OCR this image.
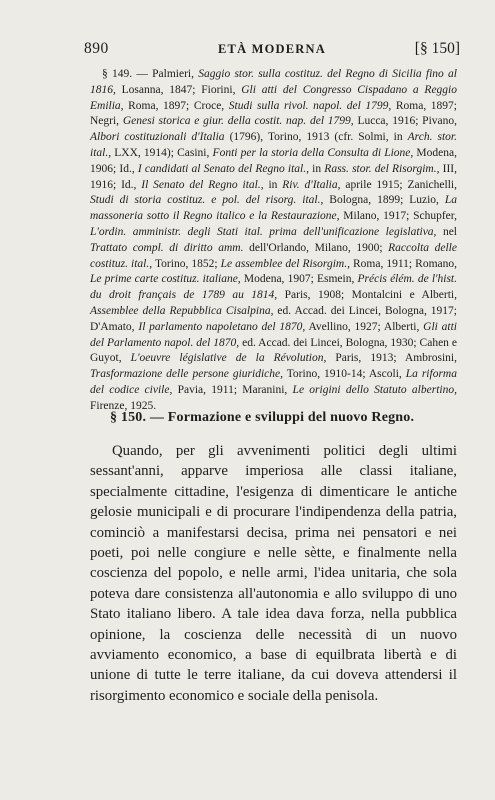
890	ETÀ MODERNA	[§ 150]
§ 149. — Palmieri, Saggio stor. sulla costituz. del Regno di Sicilia fino al 1816, Losanna, 1847; Fiorini, Gli atti del Congresso Cispadano a Reggio Emilia, Roma, 1897; Croce, Studi sulla rivol. napol. del 1799, Roma, 1897; Negri, Genesi storica e giur. della costit. nap. del 1799, Lucca, 1916; Pivano, Albori costituzionali d'Italia (1796), Torino, 1913 (cfr. Solmi, in Arch. stor. ital., LXX, 1914); Casini, Fonti per la storia della Consulta di Lione, Modena, 1906; Id., I candidati al Senato del Regno ital., in Rass. stor. del Risorgim., III, 1916; Id., Il Senato del Regno ital., in Riv. d'Italia, aprile 1915; Zanichelli, Studi di storia costituz. e pol. del risorg. ital., Bologna, 1899; Luzio, La massoneria sotto il Regno italico e la Restaurazione, Milano, 1917; Schupfer, L'ordin. amministr. degli Stati ital. prima dell'unificazione legislativa, nel Trattato compl. di diritto amm. dell'Orlando, Milano, 1900; Raccolta delle costituz. ital., Torino, 1852; Le assemblee del Risorgim., Roma, 1911; Romano, Le prime carte costituz. italiane, Modena, 1907; Esmein, Précis élém. de l'hist. du droit français de 1789 au 1814, Paris, 1908; Montalcini e Alberti, Assemblee della Repubblica Cisalpina, ed. Accad. dei Lincei, Bologna, 1917; D'Amato, Il parlamento napoletano del 1870, Avellino, 1927; Alberti, Gli atti del Parlamento napol. del 1870, ed. Accad. dei Lincei, Bologna, 1930; Cahen e Guyot, L'oeuvre législative de la Révolution, Paris, 1913; Ambrosini, Trasformazione delle persone giuridiche, Torino, 1910-14; Ascoli, La riforma del codice civile, Pavia, 1911; Maranini, Le origini dello Statuto albertino, Firenze, 1925.
§ 150. — Formazione e sviluppi del nuovo Regno.
Quando, per gli avvenimenti politici degli ultimi sessant'anni, apparve imperiosa alle classi italiane, specialmente cittadine, l'esigenza di dimenticare le antiche gelosie municipali e di procurare l'indipendenza della patria, cominciò a manifestarsi decisa, prima nei pensatori e nei poeti, poi nelle congiure e nelle sètte, e finalmente nella coscienza del popolo, e nelle armi, l'idea unitaria, che sola poteva dare consistenza all'autonomia e allo sviluppo di uno Stato italiano libero. A tale idea dava forza, nella pubblica opinione, la coscienza delle necessità di un nuovo avviamento economico, a base di equilbrata libertà e di unione di tutte le terre italiane, da cui doveva attendersi il risorgimento economico e sociale della penisola.
